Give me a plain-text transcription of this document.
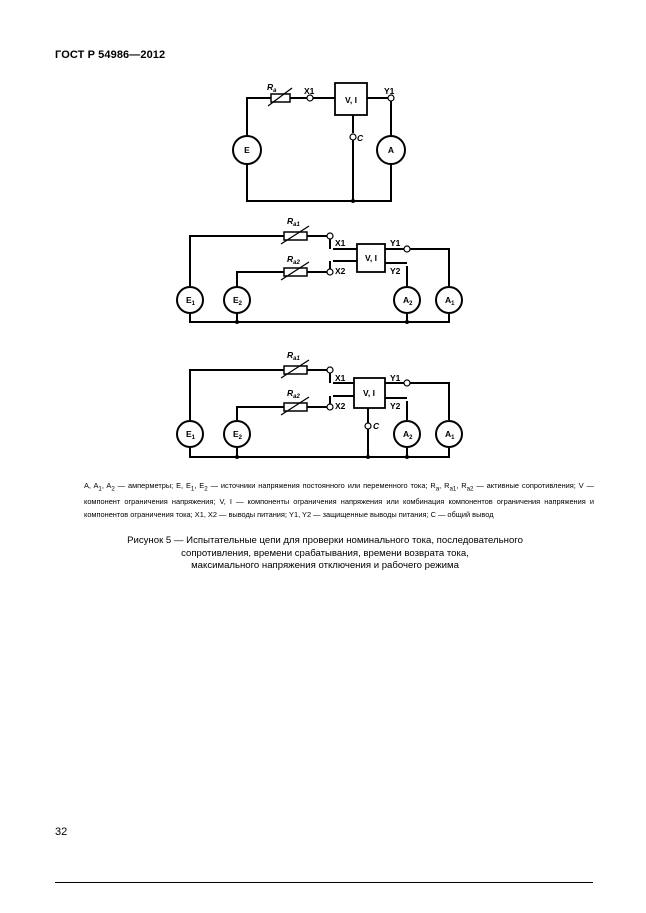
ГОСТ Р 54986—2012
$R_a$	X1	Y1
V, I
C
E	A
$R_{a1}$
$R_{a2}$
X1
X2
Y1
Y2
V, I
$E_1$	$E_2$	$A_2$	$A_1$
$R_{a1}$
$R_{a2}$
X1
X2
Y1
Y2
V, I
C
$E_1$	$E_2$	$A_2$	$A_1$
A, $A_1$, $A_2$ — амперметры; E, $E_1$, $E_2$ — источники напряжения постоянного или переменного тока; $R_a$, $R_{a1}$, $R_{a2}$ — активные сопротивления; V — компонент ограничения напряжения; V, I — компоненты ограничения напряжения или комбинация компонентов ограничения напряжения и компонентов ограничения тока; X1, X2 — выводы питания; Y1, Y2 — защищенные выводы питания; C — общий вывод
Рисунок 5 — Испытательные цепи для проверки номинального тока, последовательного
сопротивления, времени срабатывания, времени возврата тока,
максимального напряжения отключения и рабочего режима
32
